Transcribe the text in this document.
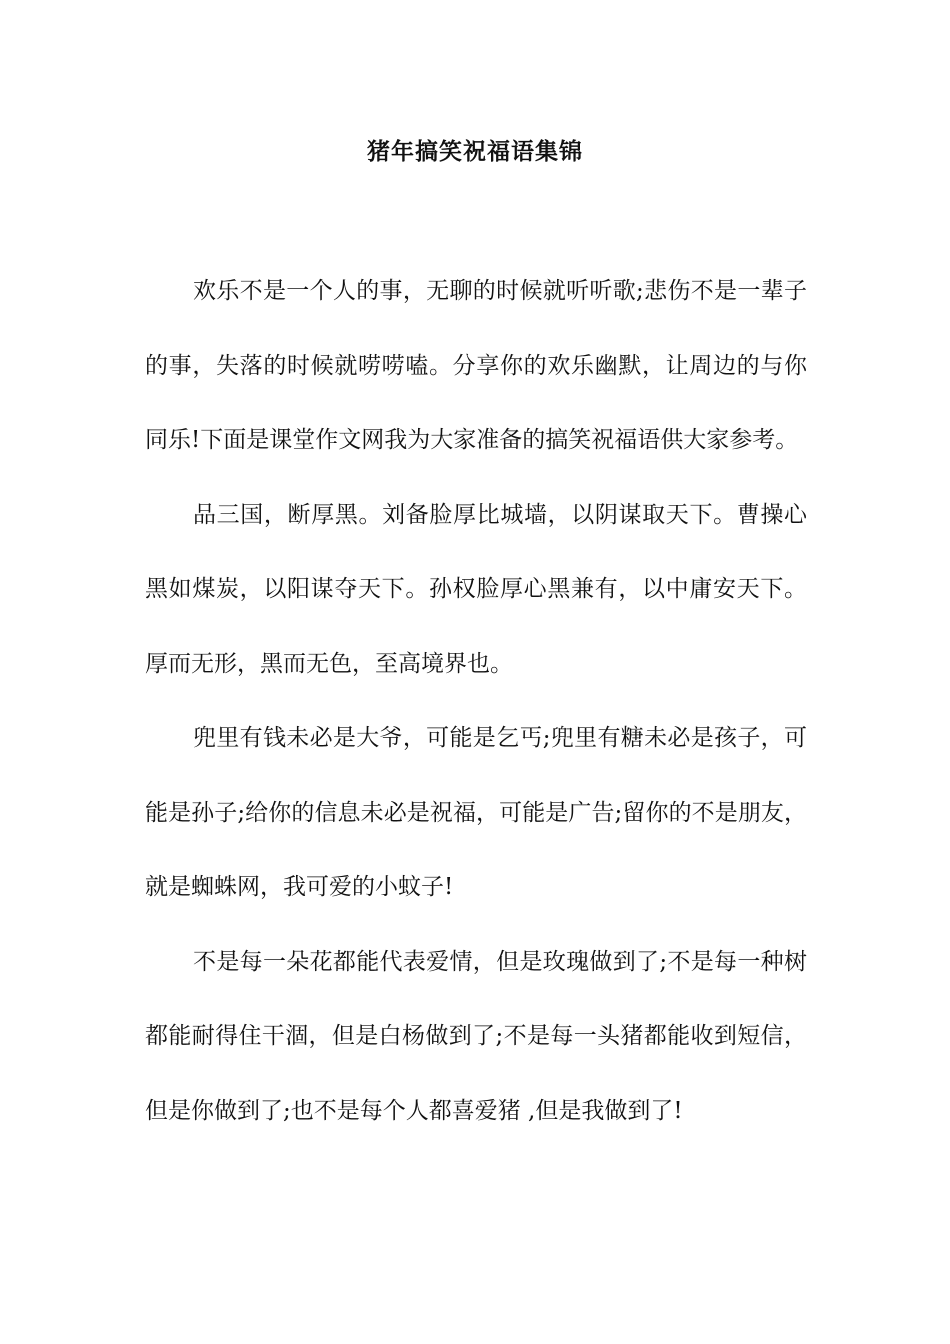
猪年搞笑祝福语集锦

欢乐不是一个人的事，无聊的时候就听听歌;悲伤不是一辈子的事，失落的时候就唠唠嗑。分享你的欢乐幽默，让周边的与你同乐!下面是课堂作文网我为大家准备的搞笑祝福语供大家参考。

品三国，断厚黑。刘备脸厚比城墙，以阴谋取天下。曹操心黑如煤炭，以阳谋夺天下。孙权脸厚心黑兼有，以中庸安天下。厚而无形，黑而无色，至高境界也。

兜里有钱未必是大爷，可能是乞丐;兜里有糖未必是孩子，可能是孙子;给你的信息未必是祝福，可能是广告;留你的不是朋友，就是蜘蛛网，我可爱的小蚊子!

不是每一朵花都能代表爱情，但是玫瑰做到了;不是每一种树都能耐得住干涸，但是白杨做到了;不是每一头猪都能收到短信，但是你做到了;也不是每个人都喜爱猪 ,但是我做到了!
